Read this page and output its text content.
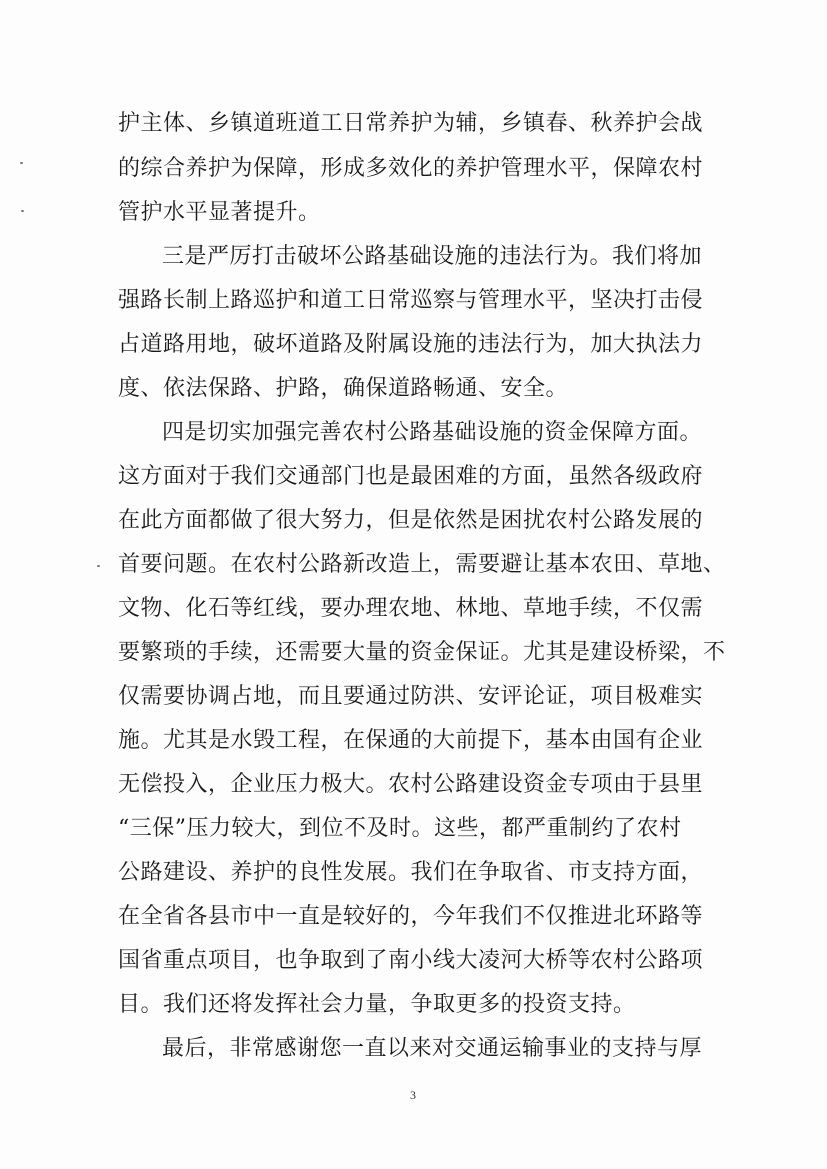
护主体、乡镇道班道工日常养护为辅，乡镇春、秋养护会战
的综合养护为保障，形成多效化的养护管理水平，保障农村
管护水平显著提升。
三是严厉打击破坏公路基础设施的违法行为。我们将加
强路长制上路巡护和道工日常巡察与管理水平，坚决打击侵
占道路用地，破坏道路及附属设施的违法行为，加大执法力
度、依法保路、护路，确保道路畅通、安全。
四是切实加强完善农村公路基础设施的资金保障方面。
这方面对于我们交通部门也是最困难的方面，虽然各级政府
在此方面都做了很大努力，但是依然是困扰农村公路发展的
首要问题。在农村公路新改造上，需要避让基本农田、草地、
文物、化石等红线，要办理农地、林地、草地手续，不仅需
要繁琐的手续，还需要大量的资金保证。尤其是建设桥梁，不
仅需要协调占地，而且要通过防洪、安评论证，项目极难实
施。尤其是水毁工程，在保通的大前提下，基本由国有企业
无偿投入，企业压力极大。农村公路建设资金专项由于县里
“三保”压力较大，到位不及时。这些，都严重制约了农村
公路建设、养护的良性发展。我们在争取省、市支持方面，
在全省各县市中一直是较好的，今年我们不仅推进北环路等
国省重点项目，也争取到了南小线大凌河大桥等农村公路项
目。我们还将发挥社会力量，争取更多的投资支持。
最后，非常感谢您一直以来对交通运输事业的支持与厚
3
